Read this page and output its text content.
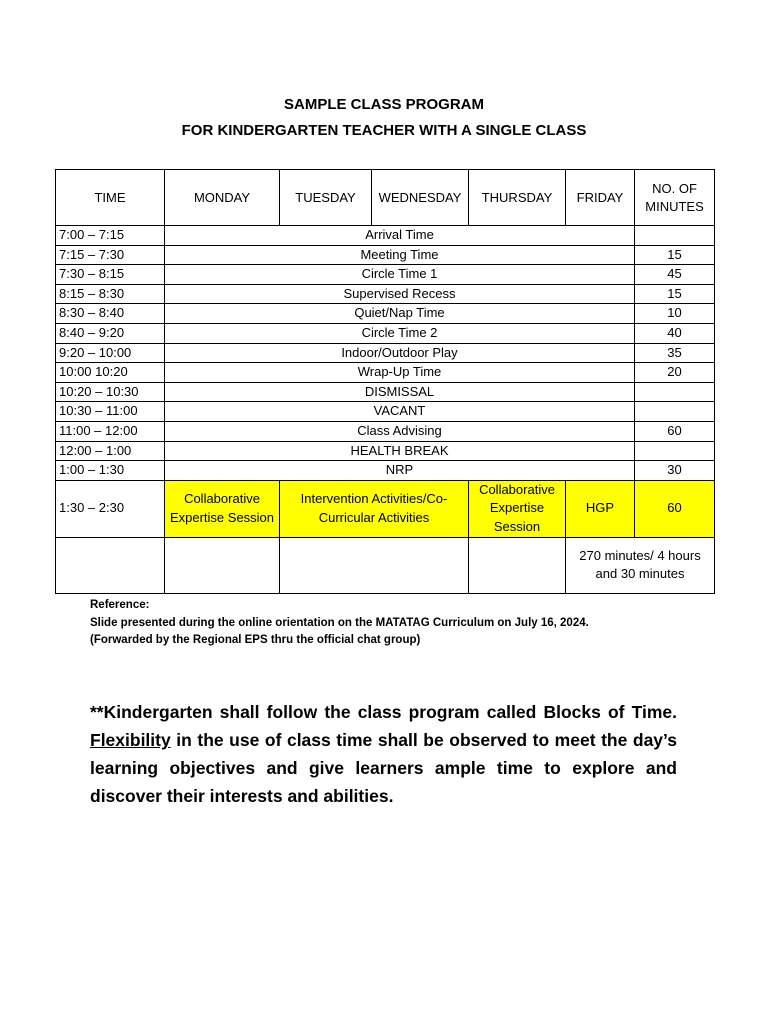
SAMPLE CLASS PROGRAM
FOR KINDERGARTEN TEACHER WITH A SINGLE CLASS
TIME	MONDAY	TUESDAY	WEDNESDAY	THURSDAY	FRIDAY	NO. OF MINUTES
7:00 – 7:15	Arrival Time					
7:15 – 7:30	Meeting Time					15
7:30 – 8:15	Circle Time 1					45
8:15 – 8:30	Supervised Recess					15
8:30 – 8:40	Quiet/Nap Time					10
8:40 – 9:20	Circle Time 2					40
9:20 – 10:00	Indoor/Outdoor Play					35
10:00 10:20	Wrap-Up Time					20
10:20 – 10:30	DISMISSAL					
10:30 – 11:00	VACANT					
11:00 – 12:00	Class Advising					60
12:00 – 1:00	HEALTH BREAK					
1:00 – 1:30	NRP					30
1:30 – 2:30	Collaborative Expertise Session	Intervention Activities/Co-Curricular Activities		Collaborative Expertise Session	HGP	60
					270 minutes/ 4 hours and 30 minutes	
Reference:
Slide presented during the online orientation on the MATATAG Curriculum on July 16, 2024.
(Forwarded by the Regional EPS thru the official chat group)
**Kindergarten shall follow the class program called Blocks of Time. Flexibility in the use of class time shall be observed to meet the day’s learning objectives and give learners ample time to explore and discover their interests and abilities.
